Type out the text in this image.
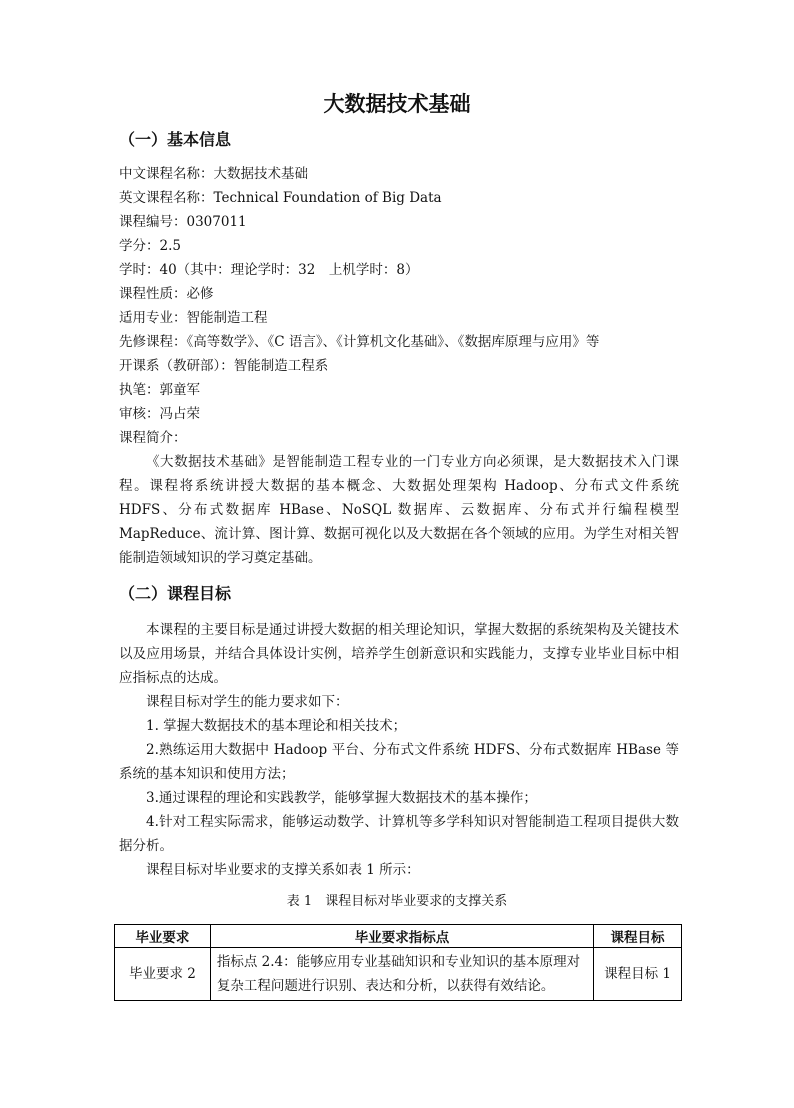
大数据技术基础
（一）基本信息
中文课程名称：大数据技术基础
英文课程名称：Technical Foundation of Big Data
课程编号：0307011
学分：2.5
学时：40（其中：理论学时：32　上机学时：8）
课程性质：必修
适用专业：智能制造工程
先修课程：《高等数学》、《C 语言》、《计算机文化基础》、《数据库原理与应用》等
开课系（教研部）：智能制造工程系
执笔：郭童军
审核：冯占荣
课程简介：
《大数据技术基础》是智能制造工程专业的一门专业方向必须课，是大数据技术入门课程。课程将系统讲授大数据的基本概念、大数据处理架构 Hadoop、分布式文件系统 HDFS、分布式数据库 HBase、NoSQL 数据库、云数据库、分布式并行编程模型 MapReduce、流计算、图计算、数据可视化以及大数据在各个领域的应用。为学生对相关智能制造领域知识的学习奠定基础。
（二）课程目标
本课程的主要目标是通过讲授大数据的相关理论知识，掌握大数据的系统架构及关键技术以及应用场景，并结合具体设计实例，培养学生创新意识和实践能力，支撑专业毕业目标中相应指标点的达成。
课程目标对学生的能力要求如下：
1. 掌握大数据技术的基本理论和相关技术；
2.熟练运用大数据中 Hadoop 平台、分布式文件系统 HDFS、分布式数据库 HBase 等系统的基本知识和使用方法；
3.通过课程的理论和实践教学，能够掌握大数据技术的基本操作；
4.针对工程实际需求，能够运动数学、计算机等多学科知识对智能制造工程项目提供大数据分析。
课程目标对毕业要求的支撑关系如表 1 所示：
表 1　课程目标对毕业要求的支撑关系
毕业要求	毕业要求指标点	课程目标
毕业要求 2	指标点 2.4：能够应用专业基础知识和专业知识的基本原理对复杂工程问题进行识别、表达和分析，以获得有效结论。	课程目标 1
